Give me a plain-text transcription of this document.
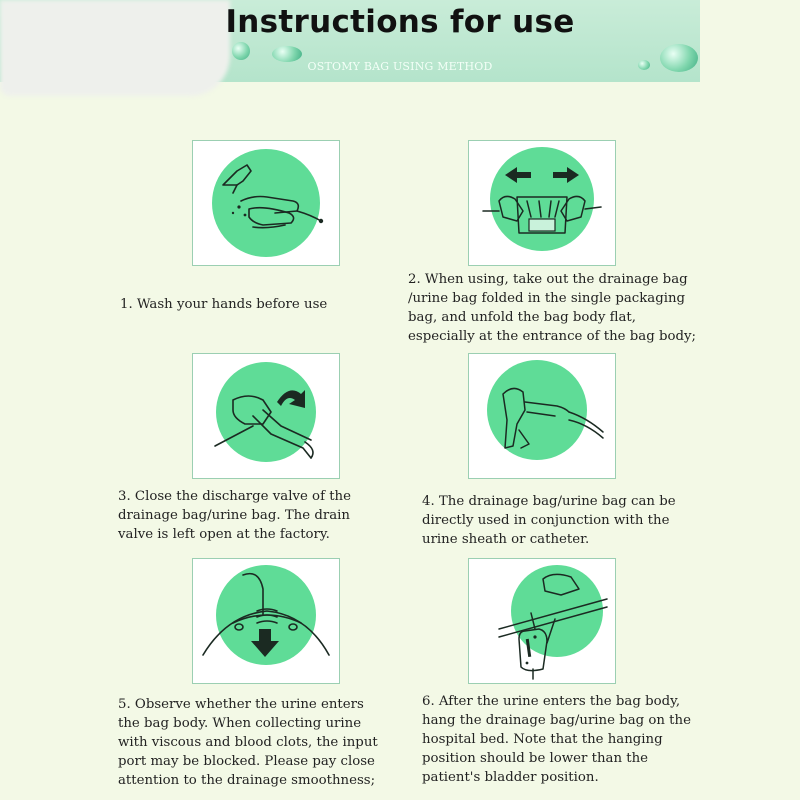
Instructions for use
OSTOMY BAG USING METHOD
1. Wash your hands before use
2. When using, take out the drainage bag
/urine bag folded in the single packaging
bag, and unfold the bag body flat,
especially at the entrance of the bag body;
3. Close the discharge valve of the
drainage bag/urine bag. The drain
valve is left open at the factory.
4. The drainage bag/urine bag can be
directly used in conjunction with the
urine sheath or catheter.
5. Observe whether the urine enters
the bag body. When collecting urine
with viscous and blood clots, the input
port may be blocked. Please pay close
attention to the drainage smoothness;
6. After the urine enters the bag body,
hang the drainage bag/urine bag on the
hospital bed. Note that the hanging
position should be lower than the
patient's bladder position.
